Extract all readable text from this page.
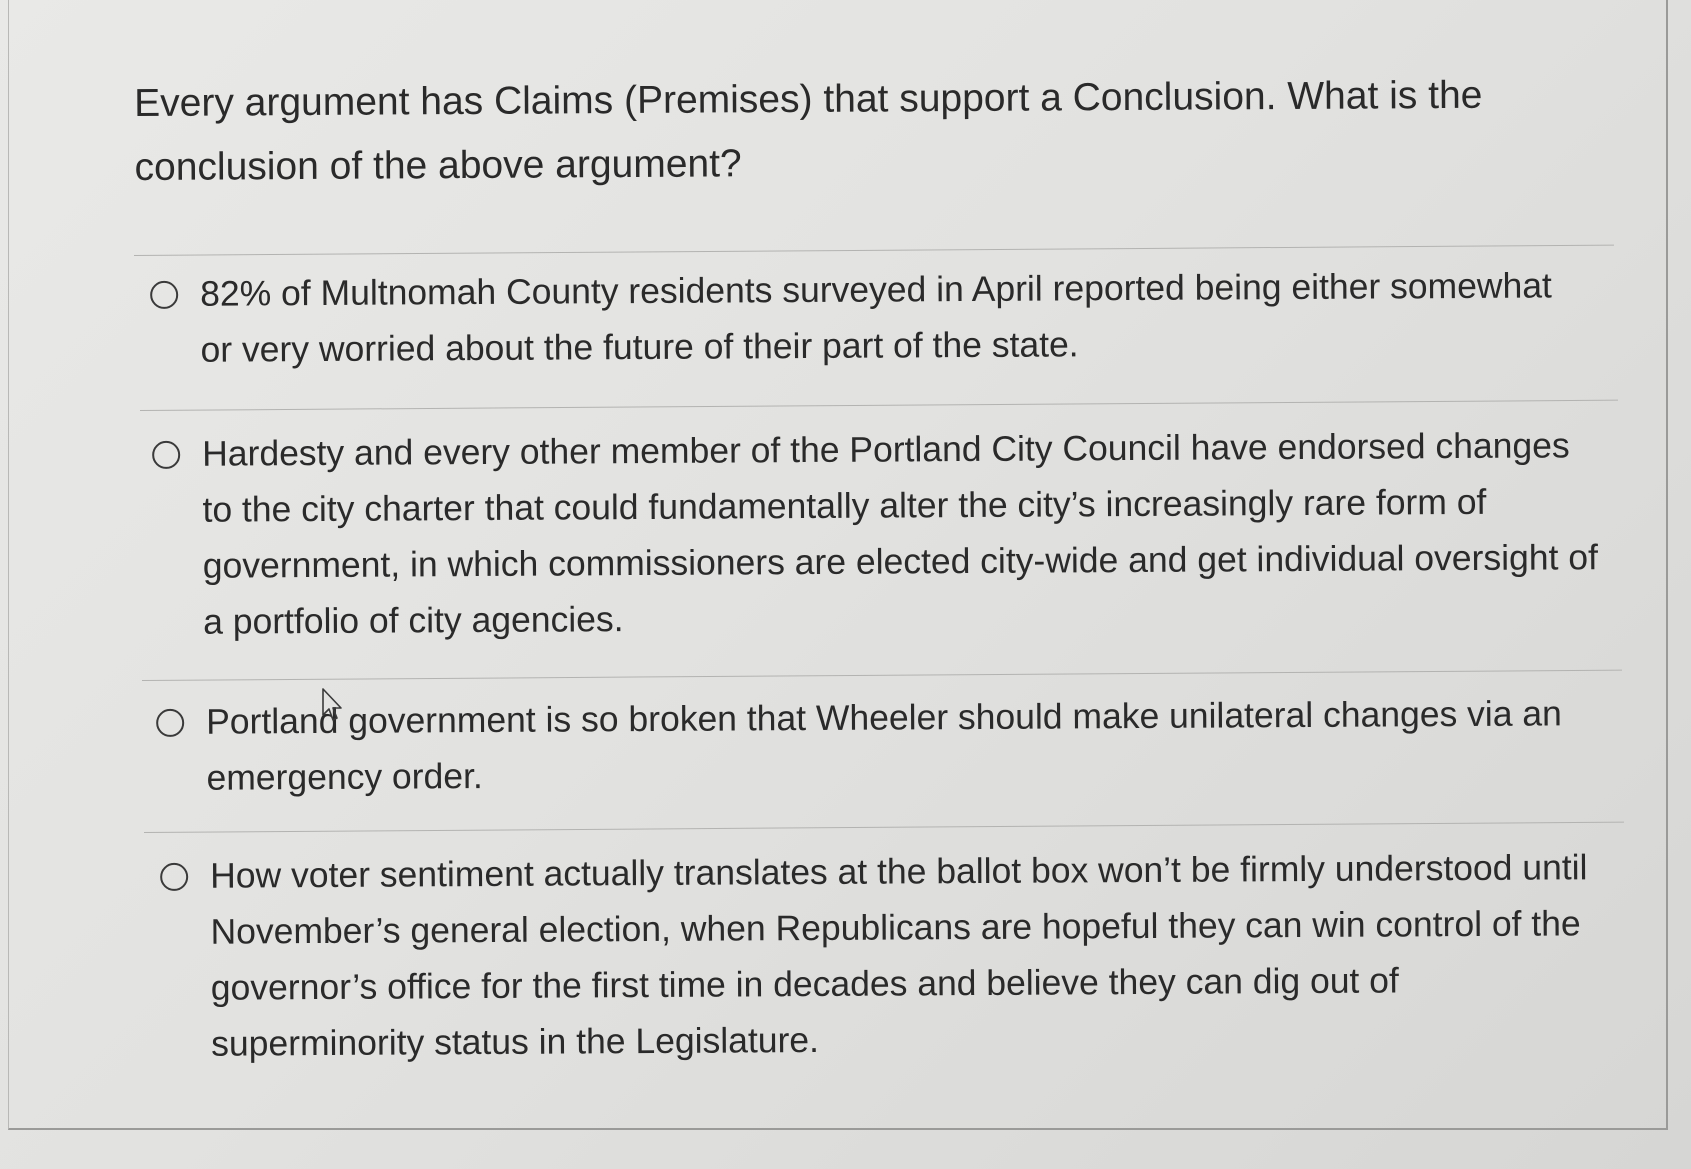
Every argument has Claims (Premises) that support a Conclusion. What is the conclusion of the above argument?
82% of Multnomah County residents surveyed in April reported being either somewhat or very worried about the future of their part of the state.
Hardesty and every other member of the Portland City Council have endorsed changes to the city charter that could fundamentally alter the city’s increasingly rare form of government, in which commissioners are elected city-wide and get individual oversight of a portfolio of city agencies.
Portland government is so broken that Wheeler should make unilateral changes via an emergency order.
How voter sentiment actually translates at the ballot box won’t be firmly understood until November’s general election, when Republicans are hopeful they can win control of the governor’s office for the first time in decades and believe they can dig out of superminority status in the Legislature.
